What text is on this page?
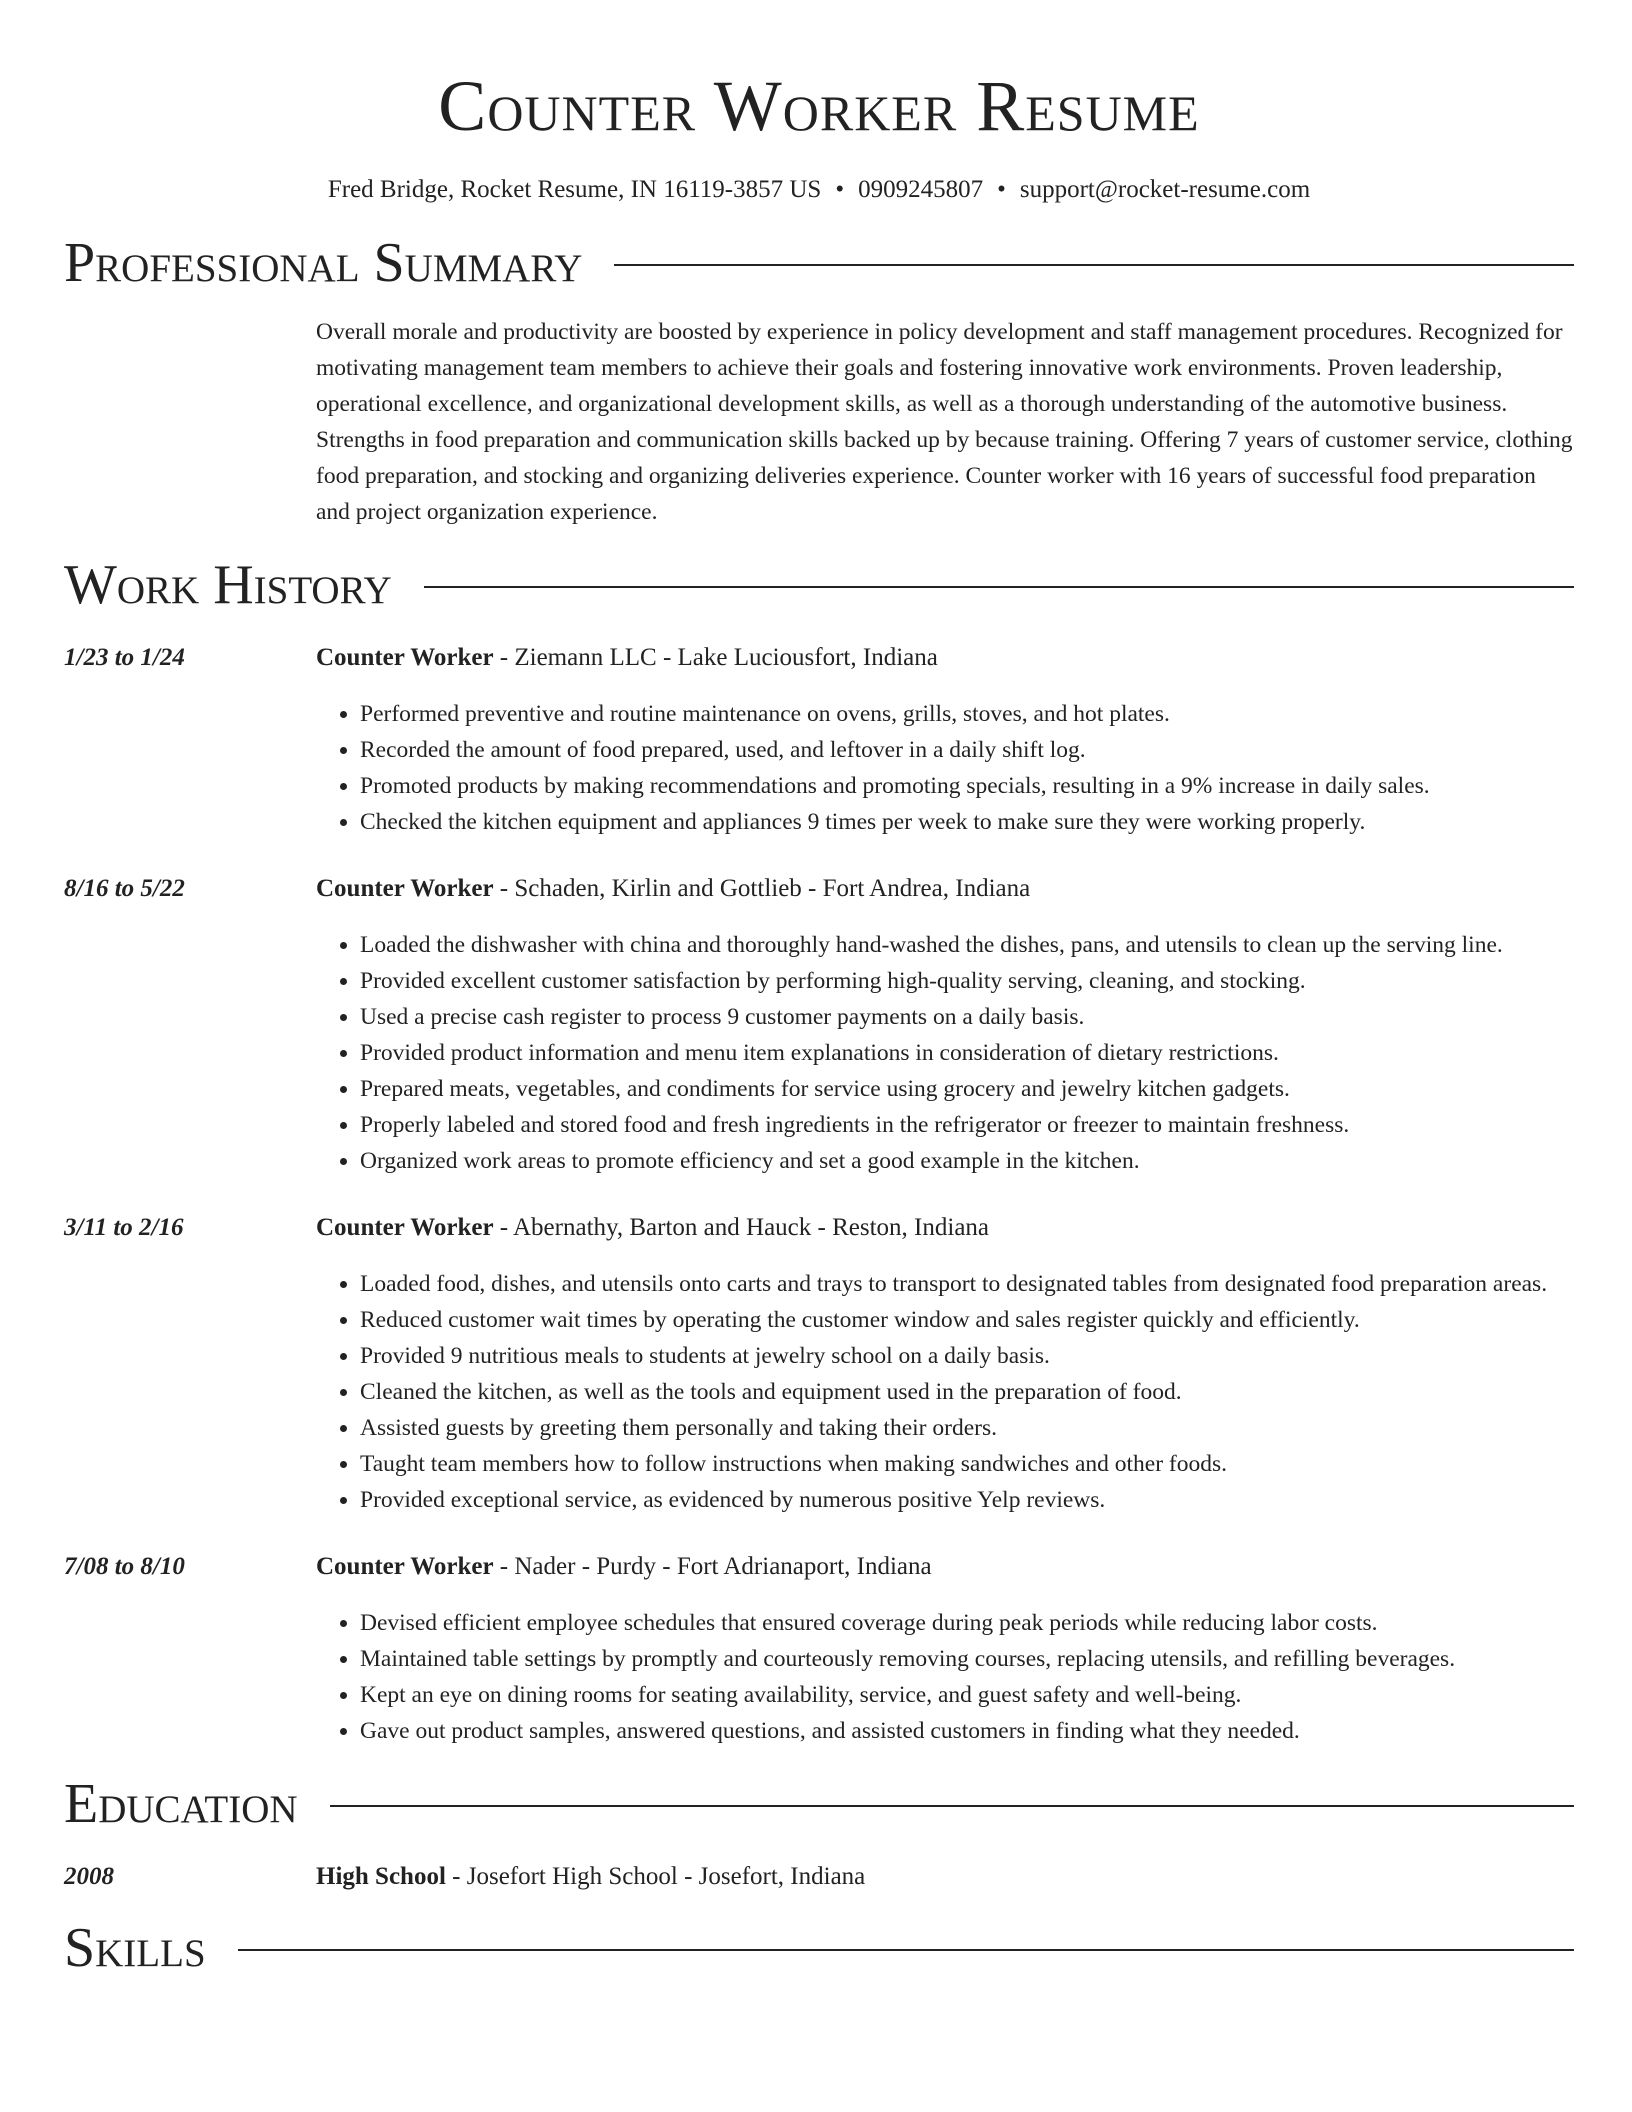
Counter Worker Resume
Fred Bridge, Rocket Resume, IN 16119-3857 US • 0909245807 • support@rocket-resume.com
Professional Summary

Overall morale and productivity are boosted by experience in policy development and staff management procedures. Recognized for motivating management team members to achieve their goals and fostering innovative work environments. Proven leadership, operational excellence, and organizational development skills, as well as a thorough understanding of the automotive business. Strengths in food preparation and communication skills backed up by because training. Offering 7 years of customer service, clothing food preparation, and stocking and organizing deliveries experience. Counter worker with 16 years of successful food preparation and project organization experience.

Work History
1/23 to 1/24	Counter Worker - Ziemann LLC - Lake Luciousfort, Indiana
• Performed preventive and routine maintenance on ovens, grills, stoves, and hot plates.
• Recorded the amount of food prepared, used, and leftover in a daily shift log.
• Promoted products by making recommendations and promoting specials, resulting in a 9% increase in daily sales.
• Checked the kitchen equipment and appliances 9 times per week to make sure they were working properly.
8/16 to 5/22	Counter Worker - Schaden, Kirlin and Gottlieb - Fort Andrea, Indiana
• Loaded the dishwasher with china and thoroughly hand-washed the dishes, pans, and utensils to clean up the serving line.
• Provided excellent customer satisfaction by performing high-quality serving, cleaning, and stocking.
• Used a precise cash register to process 9 customer payments on a daily basis.
• Provided product information and menu item explanations in consideration of dietary restrictions.
• Prepared meats, vegetables, and condiments for service using grocery and jewelry kitchen gadgets.
• Properly labeled and stored food and fresh ingredients in the refrigerator or freezer to maintain freshness.
• Organized work areas to promote efficiency and set a good example in the kitchen.
3/11 to 2/16	Counter Worker - Abernathy, Barton and Hauck - Reston, Indiana
• Loaded food, dishes, and utensils onto carts and trays to transport to designated tables from designated food preparation areas.
• Reduced customer wait times by operating the customer window and sales register quickly and efficiently.
• Provided 9 nutritious meals to students at jewelry school on a daily basis.
• Cleaned the kitchen, as well as the tools and equipment used in the preparation of food.
• Assisted guests by greeting them personally and taking their orders.
• Taught team members how to follow instructions when making sandwiches and other foods.
• Provided exceptional service, as evidenced by numerous positive Yelp reviews.
7/08 to 8/10	Counter Worker - Nader - Purdy - Fort Adrianaport, Indiana
• Devised efficient employee schedules that ensured coverage during peak periods while reducing labor costs.
• Maintained table settings by promptly and courteously removing courses, replacing utensils, and refilling beverages.
• Kept an eye on dining rooms for seating availability, service, and guest safety and well-being.
• Gave out product samples, answered questions, and assisted customers in finding what they needed.
Education
2008	High School - Josefort High School - Josefort, Indiana
Skills
